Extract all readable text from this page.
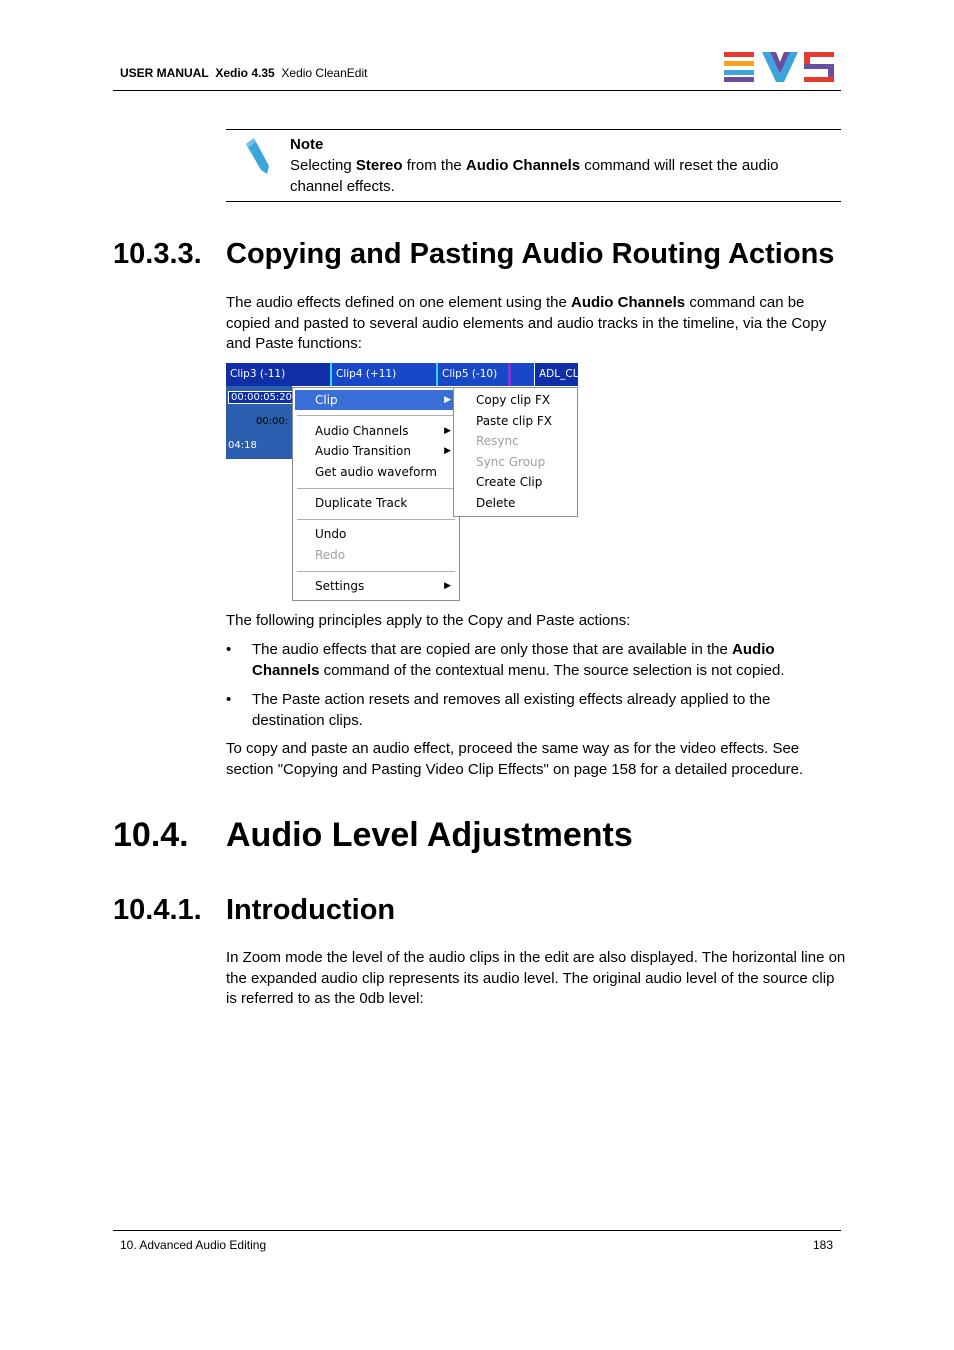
USER MANUAL Xedio 4.35 Xedio CleanEdit
Note
Selecting Stereo from the Audio Channels command will reset the audio channel effects.
10.3.3. Copying and Pasting Audio Routing Actions
The audio effects defined on one element using the Audio Channels command can be copied and pasted to several audio elements and audio tracks in the timeline, via the Copy and Paste functions:
Clip3 (-11)	Clip4 (+11)	Clip5 (-10)	ADL_CL
00:00:05:20
00:00:
04:18
Clip	▶
Audio Channels	▶
Audio Transition	▶
Get audio waveform
Duplicate Track
Undo
Redo
Settings	▶
Copy clip FX
Paste clip FX
Resync
Sync Group
Create Clip
Delete
The following principles apply to the Copy and Paste actions:
• The audio effects that are copied are only those that are available in the Audio Channels command of the contextual menu. The source selection is not copied.
• The Paste action resets and removes all existing effects already applied to the destination clips.
To copy and paste an audio effect, proceed the same way as for the video effects. See section "Copying and Pasting Video Clip Effects" on page 158 for a detailed procedure.
10.4. Audio Level Adjustments
10.4.1. Introduction
In Zoom mode the level of the audio clips in the edit are also displayed. The horizontal line on the expanded audio clip represents its audio level. The original audio level of the source clip is referred to as the 0db level:
10. Advanced Audio Editing	183
